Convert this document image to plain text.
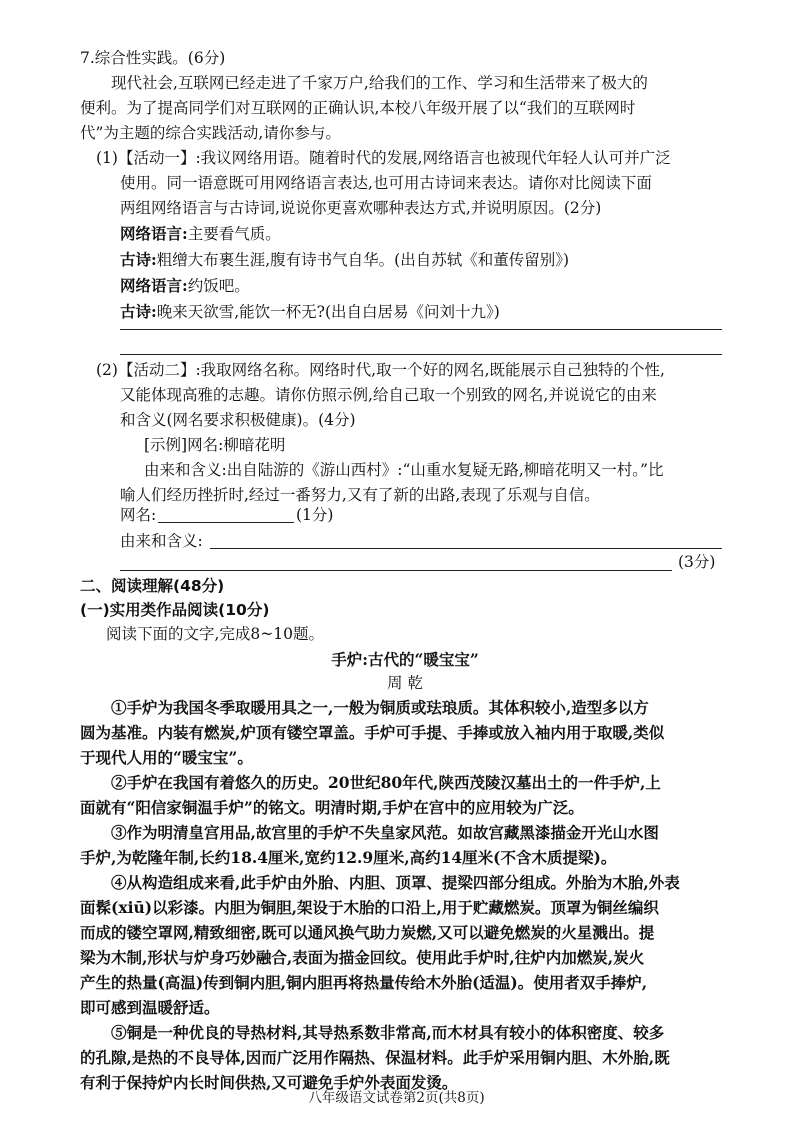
7.综合性实践。(6分)
现代社会,互联网已经走进了千家万户,给我们的工作、学习和生活带来了极大的
便利。为了提高同学们对互联网的正确认识,本校八年级开展了以“我们的互联网时
代”为主题的综合实践活动,请你参与。
(1)【活动一】:我议网络用语。随着时代的发展,网络语言也被现代年轻人认可并广泛
使用。同一语意既可用网络语言表达,也可用古诗词来表达。请你对比阅读下面
两组网络语言与古诗词,说说你更喜欢哪种表达方式,并说明原因。(2分)
网络语言:主要看气质。
古诗:粗缯大布裹生涯,腹有诗书气自华。(出自苏轼《和董传留别》)
网络语言:约饭吧。
古诗:晚来天欲雪,能饮一杯无?(出自白居易《问刘十九》)
(2)【活动二】:我取网络名称。网络时代,取一个好的网名,既能展示自己独特的个性,
又能体现高雅的志趣。请你仿照示例,给自己取一个别致的网名,并说说它的由来
和含义(网名要求积极健康)。(4分)
[示例]网名:柳暗花明
由来和含义:出自陆游的《游山西村》:“山重水复疑无路,柳暗花明又一村。”比
喻人们经历挫折时,经过一番努力,又有了新的出路,表现了乐观与自信。
网名:	(1分)
由来和含义:
(3分)
二、阅读理解(48分)
(一)实用类作品阅读(10分)
阅读下面的文字,完成8~10题。
手炉:古代的“暖宝宝”
周 乾
①手炉为我国冬季取暖用具之一,一般为铜质或珐琅质。其体积较小,造型多以方
圆为基准。内装有燃炭,炉顶有镂空罩盖。手炉可手提、手捧或放入袖内用于取暖,类似
于现代人用的“暖宝宝”。
②手炉在我国有着悠久的历史。20世纪80年代,陕西茂陵汉墓出土的一件手炉,上
面就有“阳信家铜温手炉”的铭文。明清时期,手炉在宫中的应用较为广泛。
③作为明清皇宫用品,故宫里的手炉不失皇家风范。如故宫藏黑漆描金开光山水图
手炉,为乾隆年制,长约18.4厘米,宽约12.9厘米,高约14厘米(不含木质提梁)。
④从构造组成来看,此手炉由外胎、内胆、顶罩、提梁四部分组成。外胎为木胎,外表
面髹(xiū)以彩漆。内胆为铜胆,架设于木胎的口沿上,用于贮藏燃炭。顶罩为铜丝编织
而成的镂空罩网,精致细密,既可以通风换气助力炭燃,又可以避免燃炭的火星溅出。提
梁为木制,形状与炉身巧妙融合,表面为描金回纹。使用此手炉时,往炉内加燃炭,炭火
产生的热量(高温)传到铜内胆,铜内胆再将热量传给木外胎(适温)。使用者双手捧炉,
即可感到温暖舒适。
⑤铜是一种优良的导热材料,其导热系数非常高,而木材具有较小的体积密度、较多
的孔隙,是热的不良导体,因而广泛用作隔热、保温材料。此手炉采用铜内胆、木外胎,既
有利于保持炉内长时间供热,又可避免手炉外表面发烫。
八年级语文试卷第2页(共8页)
